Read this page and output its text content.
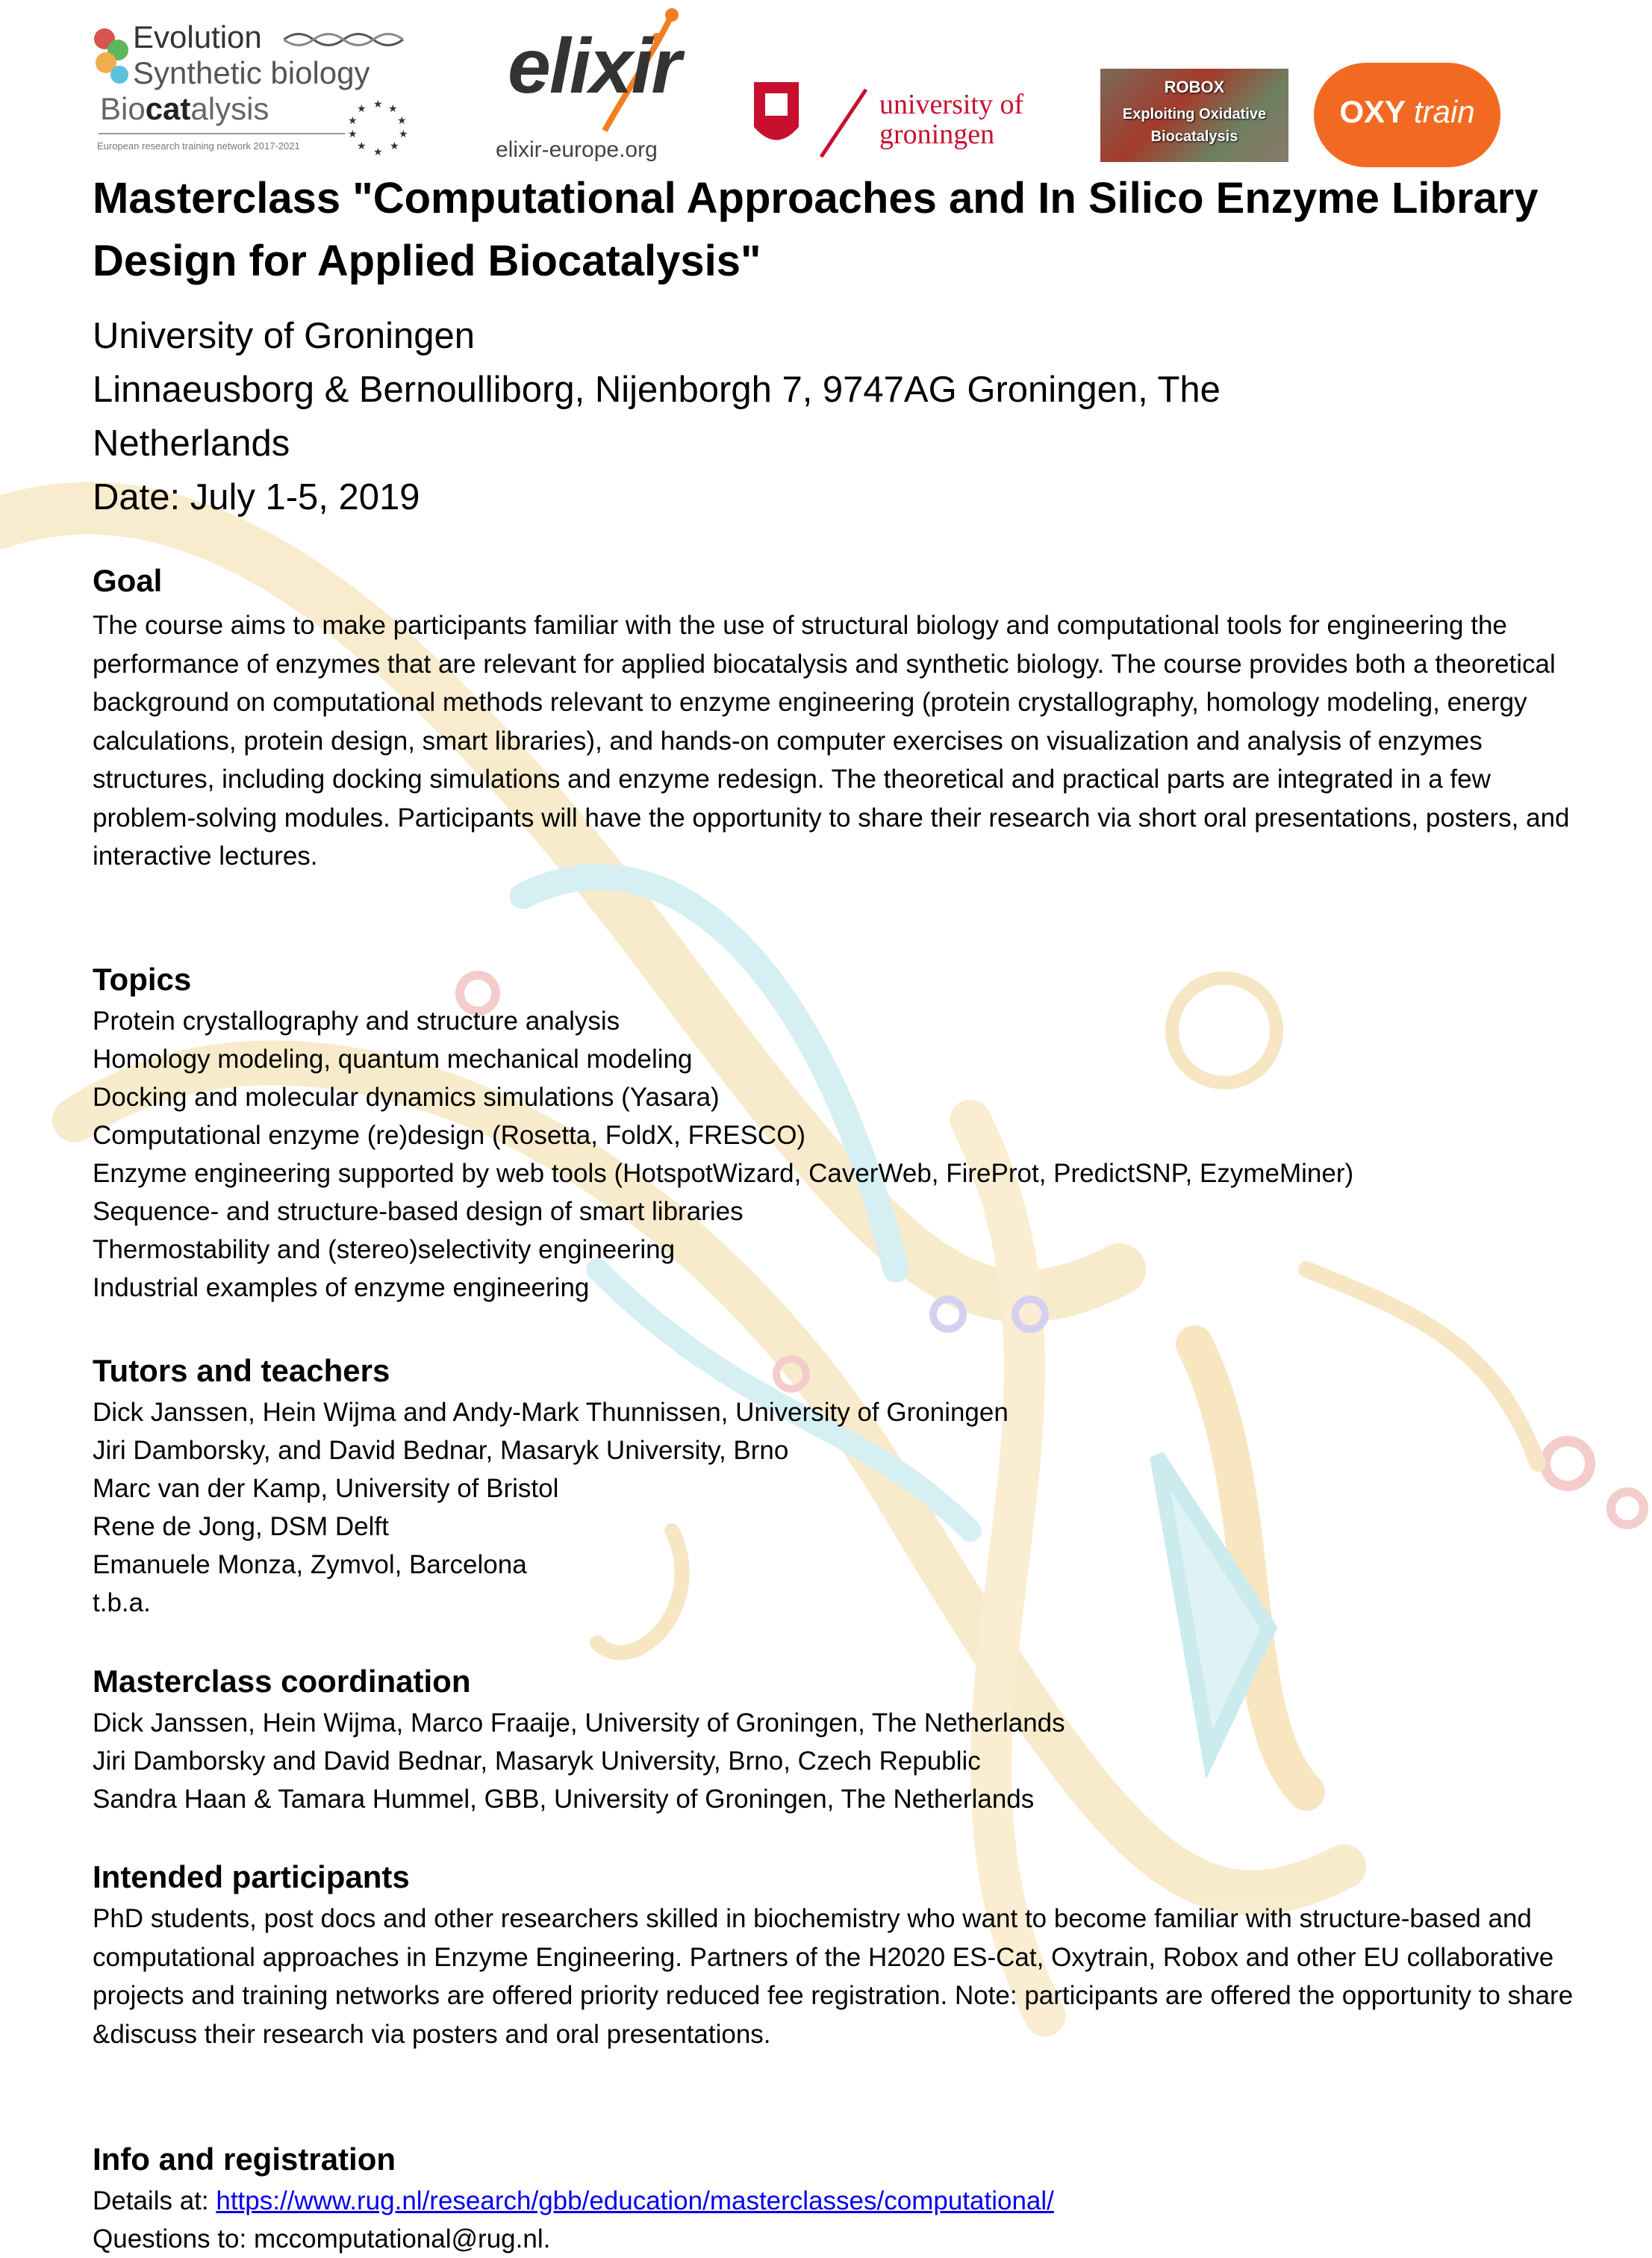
Evolution
Synthetic biology
Biocatalysis
European research training network 2017-2021
★ ★
★
★
★
★
★
★
★
★ elixir
elixir-europe.org
university of
groningen
ROBOX
Exploiting Oxidative
Biocatalysis
OXY train
Masterclass "Computational Approaches and In Silico Enzyme Library Design for Applied Biocatalysis"
University of Groningen
Linnaeusborg & Bernoulliborg, Nijenborgh 7, 9747AG Groningen, The
Netherlands
Date: July 1-5, 2019
Goal

The course aims to make participants familiar with the use of structural biology and computational tools for engineering the performance of enzymes that are relevant for applied biocatalysis and synthetic biology. The course provides both a theoretical background on computational methods relevant to enzyme engineering (protein crystallography, homology modeling, energy calculations, protein design, smart libraries), and hands-on computer exercises on visualization and analysis of enzymes structures, including docking simulations and enzyme redesign. The theoretical and practical parts are integrated in a few problem-solving modules. Participants will have the opportunity to share their research via short oral presentations, posters, and interactive lectures.

Topics
Protein crystallography and structure analysis
Homology modeling, quantum mechanical modeling
Docking and molecular dynamics simulations (Yasara)
Computational enzyme (re)design (Rosetta, FoldX, FRESCO)
Enzyme engineering supported by web tools (HotspotWizard, CaverWeb, FireProt, PredictSNP, EzymeMiner)
Sequence- and structure-based design of smart libraries
Thermostability and (stereo)selectivity engineering
Industrial examples of enzyme engineering
Tutors and teachers
Dick Janssen, Hein Wijma and Andy-Mark Thunnissen, University of Groningen
Jiri Damborsky, and David Bednar, Masaryk University, Brno
Marc van der Kamp, University of Bristol
Rene de Jong, DSM Delft
Emanuele Monza, Zymvol, Barcelona
t.b.a.
Masterclass coordination
Dick Janssen, Hein Wijma, Marco Fraaije, University of Groningen, The Netherlands
Jiri Damborsky and David Bednar, Masaryk University, Brno, Czech Republic
Sandra Haan & Tamara Hummel, GBB, University of Groningen, The Netherlands
Intended participants

PhD students, post docs and other researchers skilled in biochemistry who want to become familiar with structure-based and computational approaches in Enzyme Engineering. Partners of the H2020 ES-Cat, Oxytrain, Robox and other EU collaborative projects and training networks are offered priority reduced fee registration. Note: participants are offered the opportunity to share &discuss their research via posters and oral presentations.

Info and registration
Details at: https://www.rug.nl/research/gbb/education/masterclasses/computational/
Questions to: mccomputational@rug.nl.
